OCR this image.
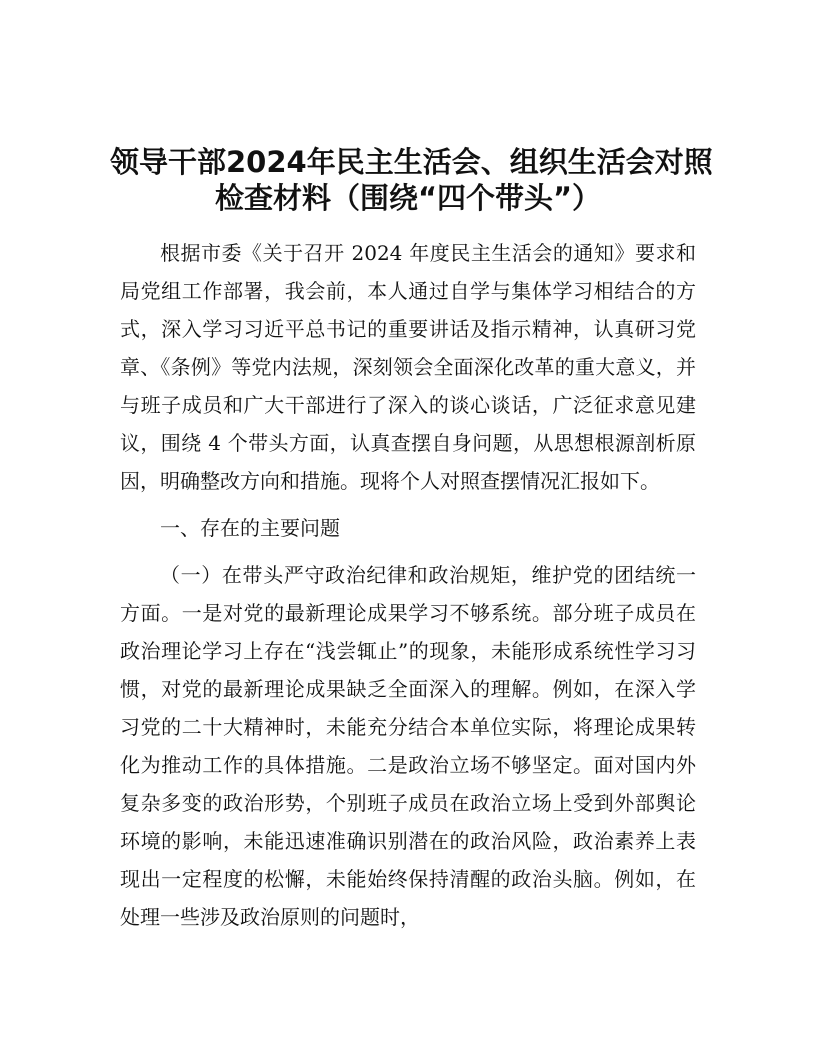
领导干部2024年民主生活会、组织生活会对照
检查材料（围绕“四个带头”）

根据市委《关于召开 2024 年度民主生活会的通知》要求和局党组工作部署，我会前，本人通过自学与集体学习相结合的方式，深入学习习近平总书记的重要讲话及指示精神，认真研习党章、《条例》等党内法规，深刻领会全面深化改革的重大意义，并与班子成员和广大干部进行了深入的谈心谈话，广泛征求意见建议，围绕 4 个带头方面，认真查摆自身问题，从思想根源剖析原因，明确整改方向和措施。现将个人对照查摆情况汇报如下。

一、存在的主要问题

（一）在带头严守政治纪律和政治规矩，维护党的团结统一方面。一是对党的最新理论成果学习不够系统。部分班子成员在政治理论学习上存在“浅尝辄止”的现象，未能形成系统性学习习惯，对党的最新理论成果缺乏全面深入的理解。例如，在深入学习党的二十大精神时，未能充分结合本单位实际，将理论成果转化为推动工作的具体措施。二是政治立场不够坚定。面对国内外复杂多变的政治形势，个别班子成员在政治立场上受到外部舆论环境的影响，未能迅速准确识别潜在的政治风险，政治素养上表现出一定程度的松懈，未能始终保持清醒的政治头脑。例如，在处理一些涉及政治原则的问题时，
